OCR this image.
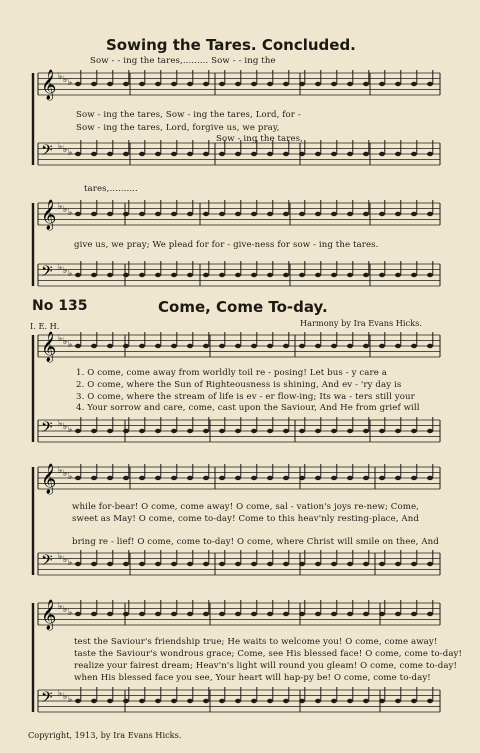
Sowing the Tares. Concluded.
No 135	Come, Come To-day.
I. E. H.	Harmony by Ira Evans Hicks.
Copyright, 1913, by Ira Evans Hicks.
Sow - - ing the tares,......... Sow - - ing the
Sow - ing the tares, Sow - ing the tares, Lord, for -
Sow - ing the tares, Lord, forgive us, we pray,
Sow - ing the tares,
tares,..........
give us, we pray; We plead for for - give-ness for sow - ing the tares.
1. O come, come away from worldly toil re - posing! Let bus - y care a
2. O come, where the Sun of Righteousness is shining, And ev - 'ry day is
3. O come, where the stream of life is ev - er flow-ing; Its wa - ters still your
4. Your sorrow and care, come, cast upon the Saviour, And He from grief will
while for-bear! O come, come away! O come, sal - vation's joys re-new; Come,
sweet as May! O come, come to-day! Come to this heav'nly resting-place, And
bring re - lief! O come, come to-day! O come, where Christ will smile on thee, And
test the Saviour's friendship true; He waits to welcome you! O come, come away!
taste the Saviour's wondrous grace; Come, see His blessed face! O come, come to-day!
realize your fairest dream; Heav'n's light will round you gleam! O come, come to-day!
when His blessed face you see, Your heart will hap-py be! O come, come to-day!
𝄞 ♭ ♭ ♭
𝄢 ♭ ♭ ♭
𝄞 ♭ ♭ ♭
𝄢 ♭ ♭ ♭
𝄞 ♭ ♭ ♭
𝄢 ♭ ♭ ♭
𝄞 ♭ ♭ ♭
𝄢 ♭ ♭ ♭
𝄞 ♭ ♭ ♭
𝄢 ♭ ♭ ♭
